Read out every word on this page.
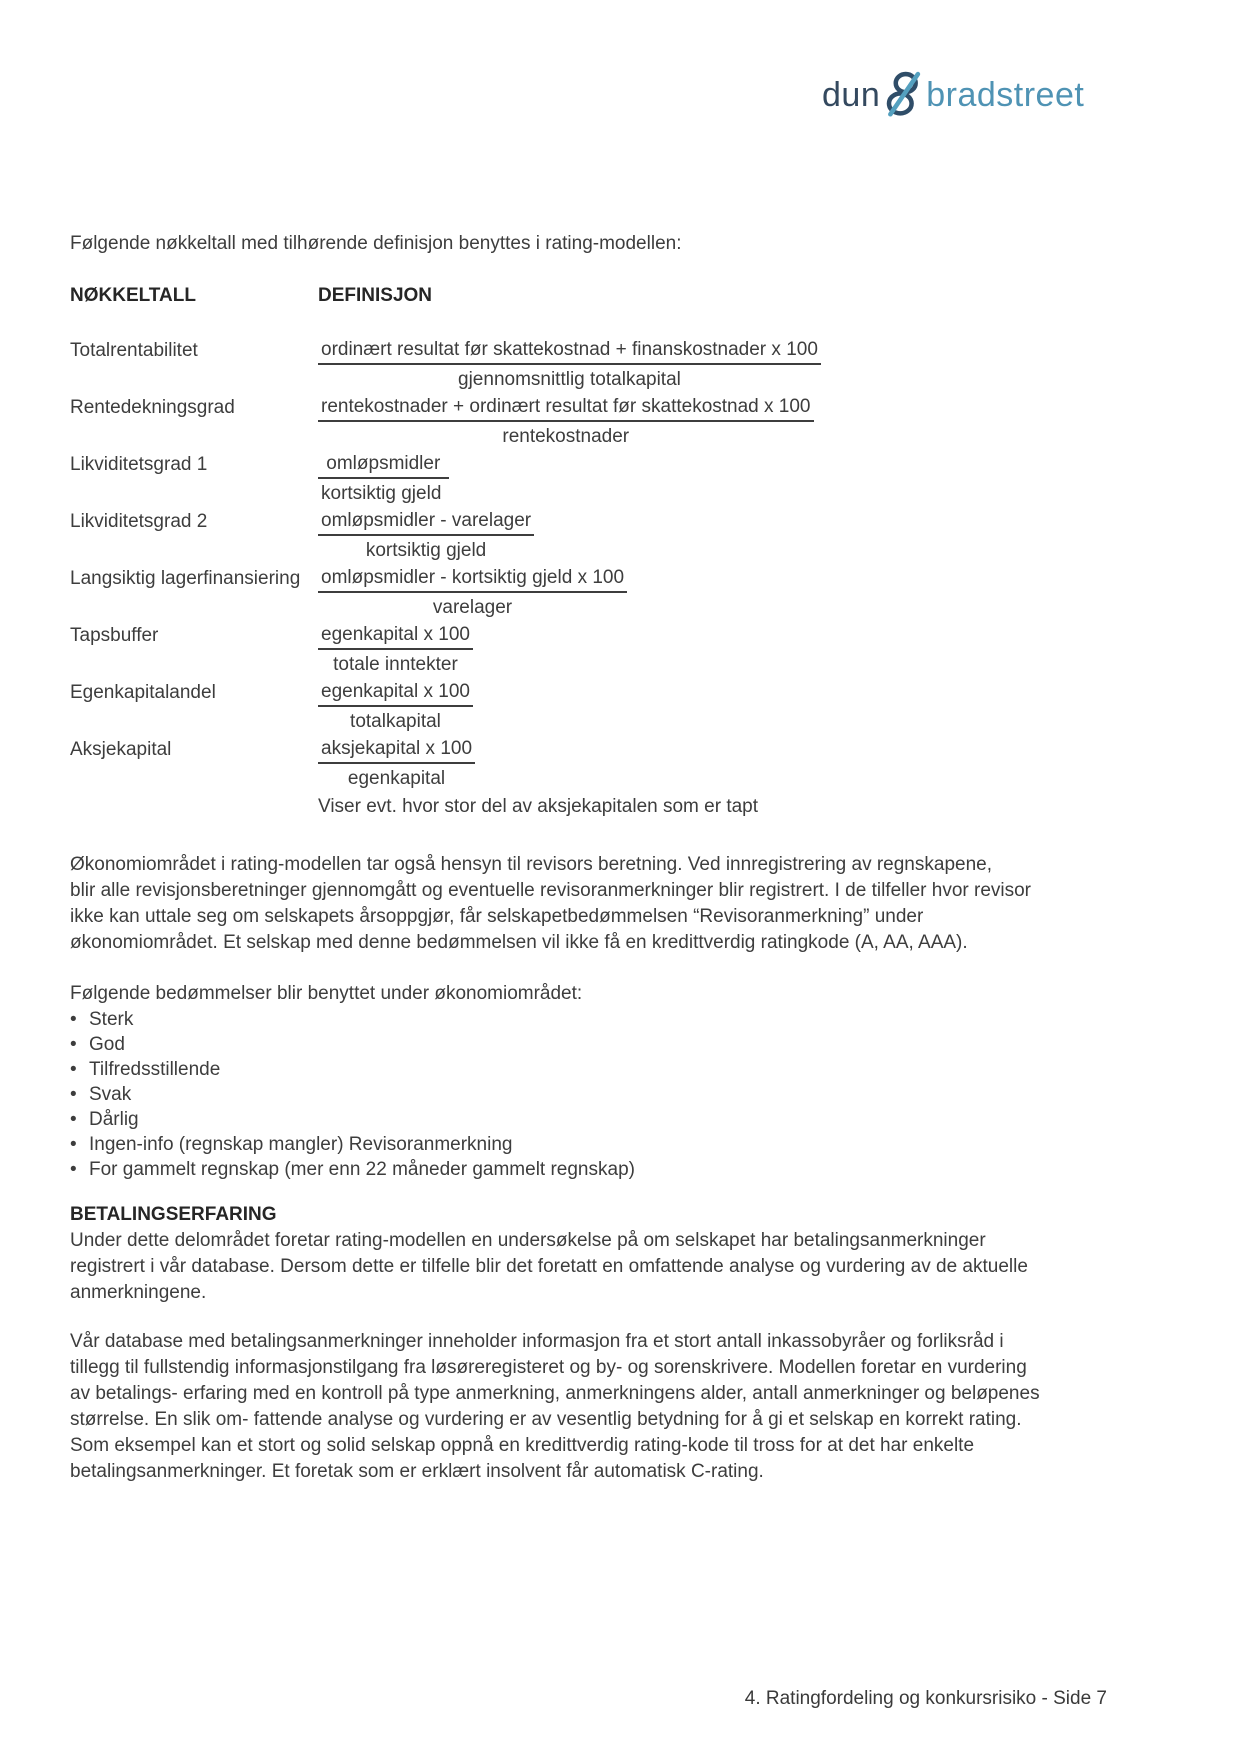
dun bradstreet
Følgende nøkkeltall med tilhørende definisjon benyttes i rating-modellen:
NØKKELTALL	DEFINISJON
Totalrentabilitet	$\frac{\text{ordinært resultat før skattekostnad + finanskostnader x 100}}{\text{gjennomsnittlig totalkapital}}$
Rentedekningsgrad	$\frac{\text{rentekostnader + ordinært resultat før skattekostnad x 100}}{\text{rentekostnader}}$
Likviditetsgrad 1	$\frac{\text{omløpsmidler}}{\text{kortsiktig gjeld}}$
Likviditetsgrad 2	$\frac{\text{omløpsmidler - varelager}}{\text{kortsiktig gjeld}}$
Langsiktig lagerfinansiering $\frac{\text{omløpsmidler - kortsiktig gjeld x 100}}{\text{varelager}}$
Tapsbuffer	$\frac{\text{egenkapital x 100}}{\text{totale inntekter}}$
Egenkapitalandel	$\frac{\text{egenkapital x 100}}{\text{totalkapital}}$
Aksjekapital	$\frac{\text{aksjekapital x 100}}{\text{egenkapital}}$
Viser evt. hvor stor del av aksjekapitalen som er tapt
Økonomiområdet i rating-modellen tar også hensyn til revisors beretning. Ved innregistrering av regnskapene,
blir alle revisjonsberetninger gjennomgått og eventuelle revisoranmerkninger blir registrert. I de tilfeller hvor revisor
ikke kan uttale seg om selskapets årsoppgjør, får selskapetbedømmelsen “Revisoranmerkning” under
økonomiområdet. Et selskap med denne bedømmelsen vil ikke få en kredittverdig ratingkode (A, AA, AAA).
Følgende bedømmelser blir benyttet under økonomiområdet:
• Sterk
• God
• Tilfredsstillende
• Svak
• Dårlig
• Ingen-info (regnskap mangler) Revisoranmerkning
• For gammelt regnskap (mer enn 22 måneder gammelt regnskap)
BETALINGSERFARING
Under dette delområdet foretar rating-modellen en undersøkelse på om selskapet har betalingsanmerkninger
registrert i vår database. Dersom dette er tilfelle blir det foretatt en omfattende analyse og vurdering av de aktuelle
anmerkningene.
Vår database med betalingsanmerkninger inneholder informasjon fra et stort antall inkassobyråer og forliksråd i
tillegg til fullstendig informasjonstilgang fra løsøreregisteret og by- og sorenskrivere. Modellen foretar en vurdering
av betalings- erfaring med en kontroll på type anmerkning, anmerkningens alder, antall anmerkninger og beløpenes
størrelse. En slik om- fattende analyse og vurdering er av vesentlig betydning for å gi et selskap en korrekt rating.
Som eksempel kan et stort og solid selskap oppnå en kredittverdig rating-kode til tross for at det har enkelte
betalingsanmerkninger. Et foretak som er erklært insolvent får automatisk C-rating.
4. Ratingfordeling og konkursrisiko - Side 7
